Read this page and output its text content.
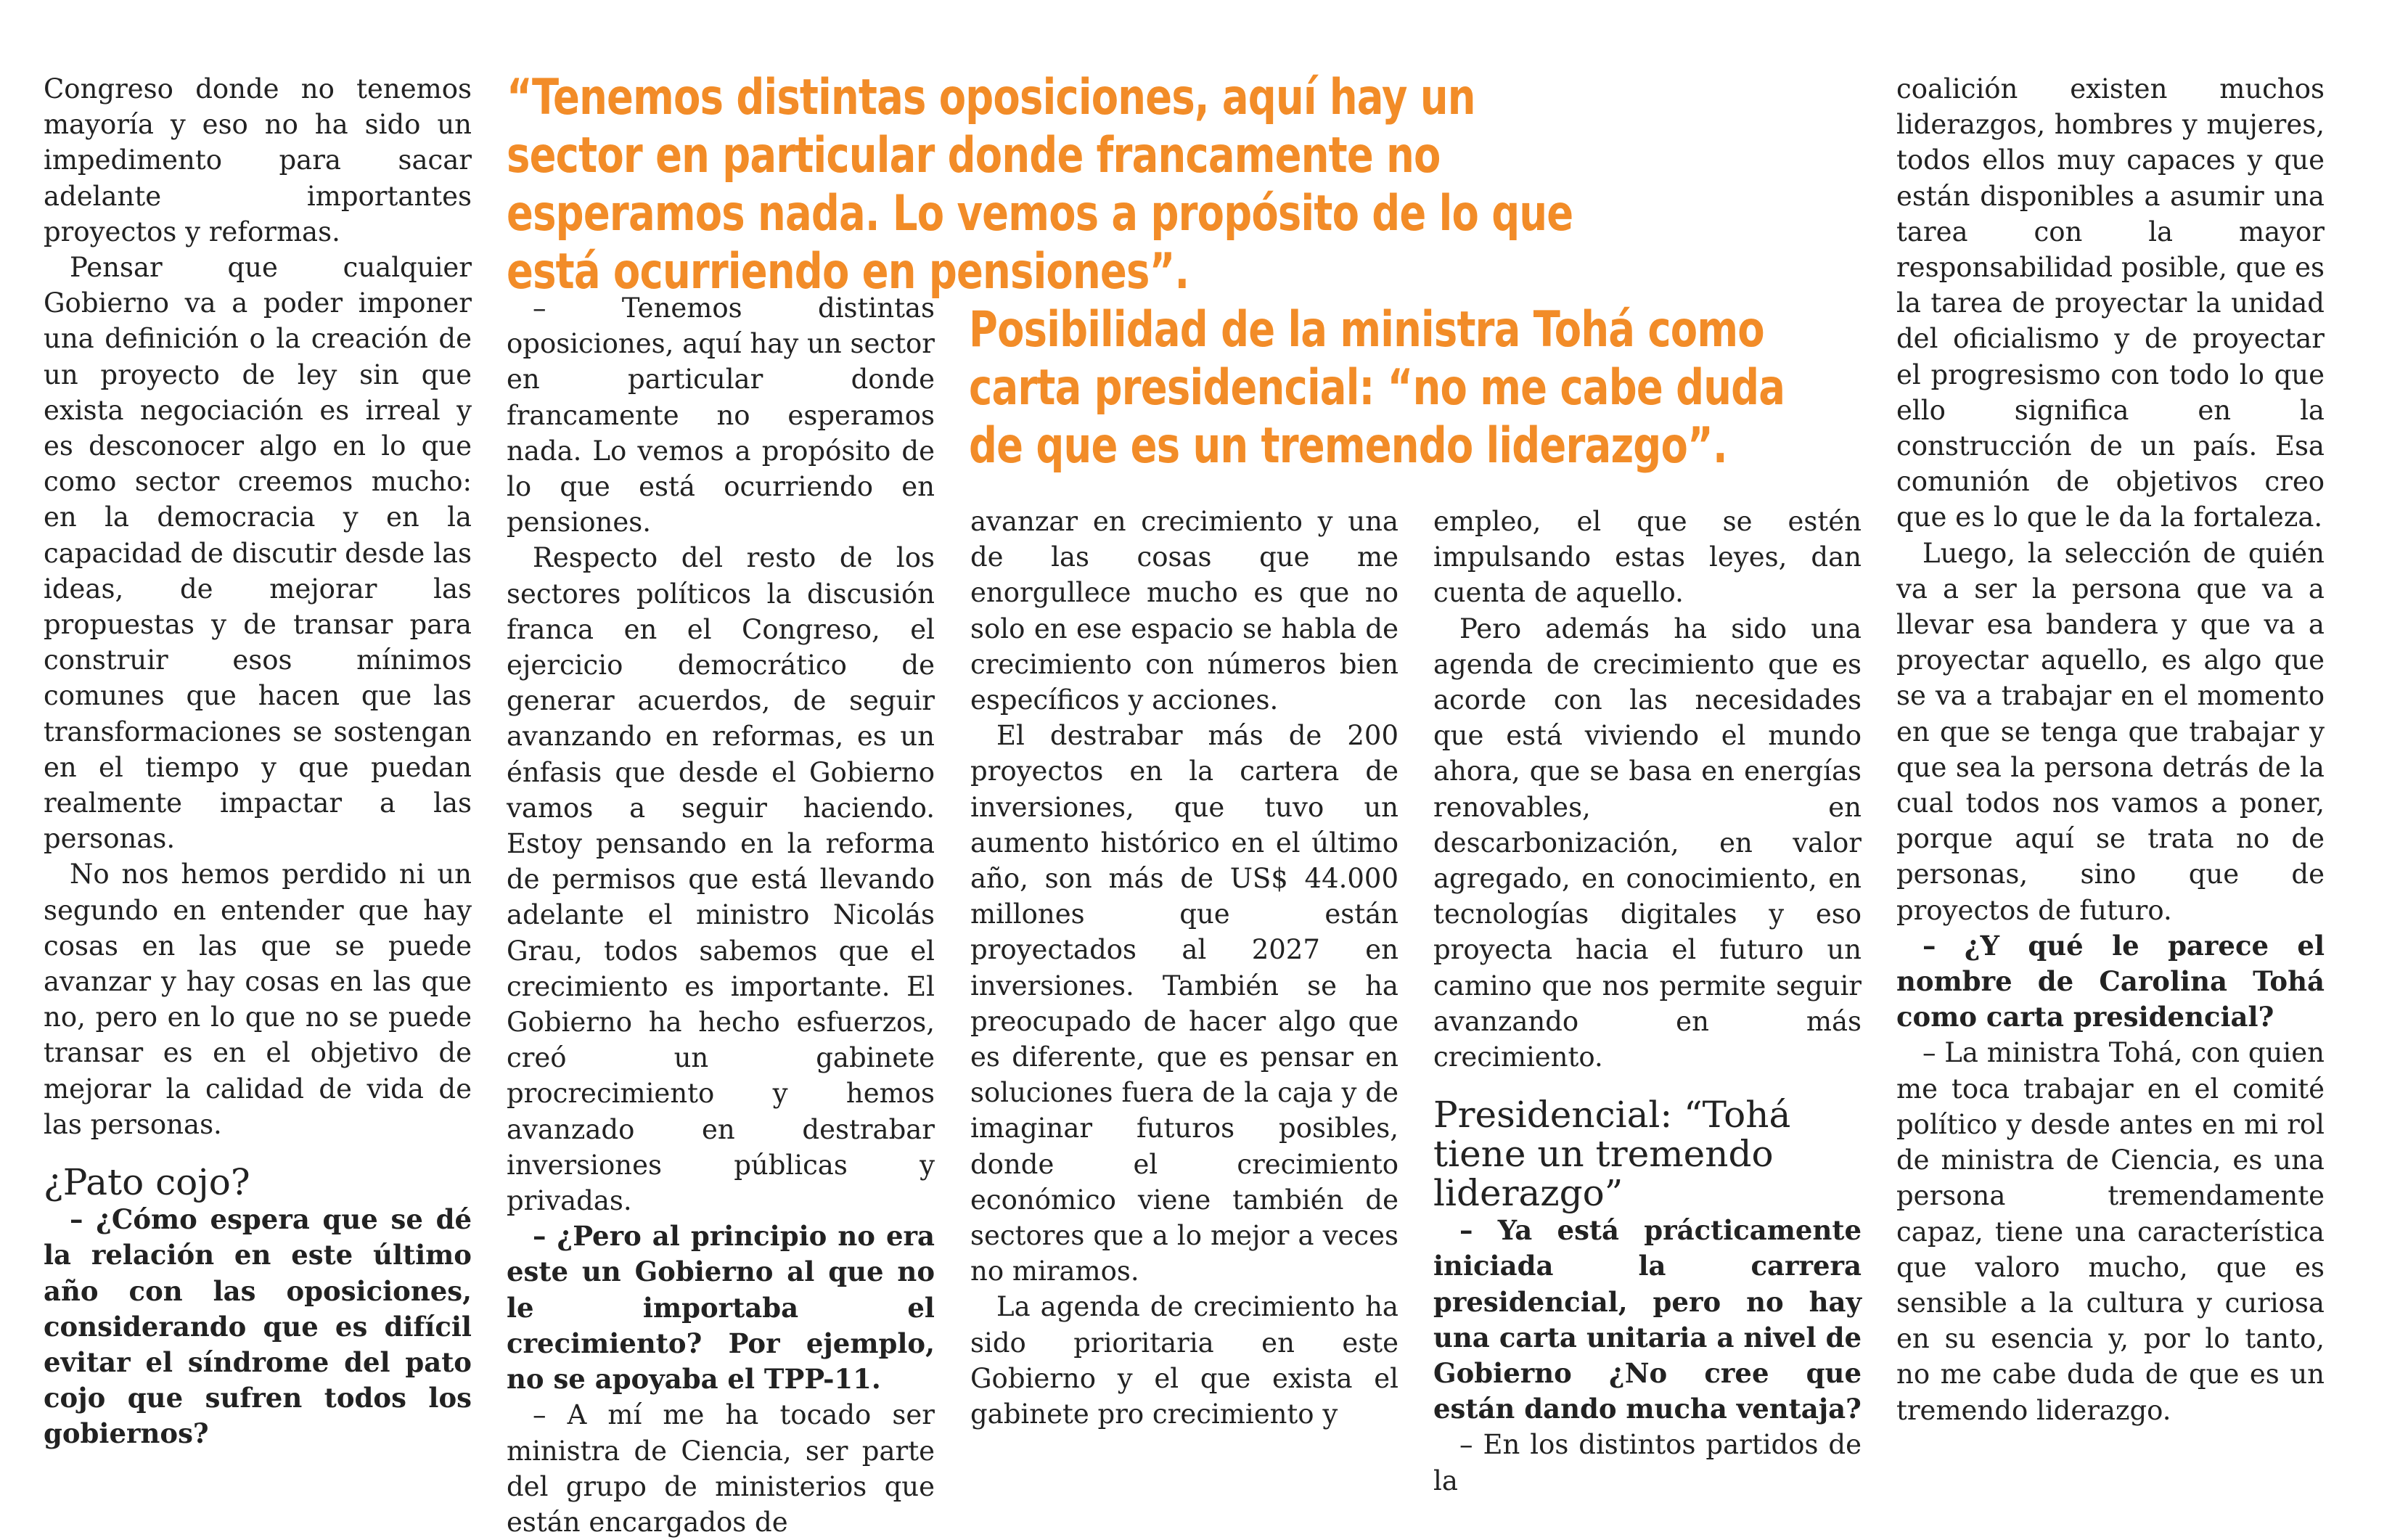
“Tenemos distintas oposiciones, aquí hay un sector en particular donde francamente no esperamos nada. Lo vemos a propósito de lo que está ocurriendo en pensiones”.
Posibilidad de la ministra Tohá como carta presidencial: “no me cabe duda de que es un tremendo liderazgo”.

Congreso donde no tenemos mayoría y eso no ha sido un impedimento para sacar adelante importantes proyectos y reformas.

Pensar que cualquier Gobierno va a poder imponer una definición o la creación de un proyecto de ley sin que exista negociación es irreal y es desconocer algo en lo que como sector creemos mucho: en la democracia y en la capacidad de discutir desde las ideas, de mejorar las propuestas y de transar para construir esos mínimos comunes que hacen que las transformaciones se sostengan en el tiempo y que puedan realmente impactar a las personas.

No nos hemos perdido ni un segundo en entender que hay cosas en las que se puede avanzar y hay cosas en las que no, pero en lo que no se puede transar es en el objetivo de mejorar la calidad de vida de las personas.

¿Pato cojo?

– ¿Cómo espera que se dé la relación en este último año con las oposiciones, considerando que es difícil evitar el síndrome del pato cojo que sufren todos los gobiernos?

– Tenemos distintas oposiciones, aquí hay un sector en particular donde francamente no esperamos nada. Lo vemos a propósito de lo que está ocurriendo en pensiones.

Respecto del resto de los sectores políticos la discusión franca en el Congreso, el ejercicio democrático de generar acuerdos, de seguir avanzando en reformas, es un énfasis que desde el Gobierno vamos a seguir haciendo. Estoy pensando en la reforma de permisos que está llevando adelante el ministro Nicolás Grau, todos sabemos que el crecimiento es importante. El Gobierno ha hecho esfuerzos, creó un gabinete procrecimiento y hemos avanzado en destrabar inversiones públicas y privadas.

– ¿Pero al principio no era este un Gobierno al que no le importaba el crecimiento? Por ejemplo, no se apoyaba el TPP-11.

– A mí me ha tocado ser ministra de Ciencia, ser parte del grupo de ministerios que están encargados de

avanzar en crecimiento y una de las cosas que me enorgullece mucho es que no solo en ese espacio se habla de crecimiento con números bien específicos y acciones.

El destrabar más de 200 proyectos en la cartera de inversiones, que tuvo un aumento histórico en el último año, son más de US$ 44.000 millones que están proyectados al 2027 en inversiones. También se ha preocupado de hacer algo que es diferente, que es pensar en soluciones fuera de la caja y de imaginar futuros posibles, donde el crecimiento económico viene también de sectores que a lo mejor a veces no miramos.

La agenda de crecimiento ha sido prioritaria en este Gobierno y el que exista el gabinete pro crecimiento y

empleo, el que se estén impulsando estas leyes, dan cuenta de aquello.

Pero además ha sido una agenda de crecimiento que es acorde con las necesidades que está viviendo el mundo ahora, que se basa en energías renovables, en descarbonización, en valor agregado, en conocimiento, en tecnologías digitales y eso proyecta hacia el futuro un camino que nos permite seguir avanzando en más crecimiento.

Presidencial: “Tohá tiene un tremendo liderazgo”

– Ya está prácticamente iniciada la carrera presidencial, pero no hay una carta unitaria a nivel de Gobierno ¿No cree que están dando mucha ventaja?

– En los distintos partidos de la

coalición existen muchos liderazgos, hombres y mujeres, todos ellos muy capaces y que están disponibles a asumir una tarea con la mayor responsabilidad posible, que es la tarea de proyectar la unidad del oficialismo y de proyectar el progresismo con todo lo que ello significa en la construcción de un país. Esa comunión de objetivos creo que es lo que le da la fortaleza.

Luego, la selección de quién va a ser la persona que va a llevar esa bandera y que va a proyectar aquello, es algo que se va a trabajar en el momento en que se tenga que trabajar y que sea la persona detrás de la cual todos nos vamos a poner, porque aquí se trata no de personas, sino que de proyectos de futuro.

– ¿Y qué le parece el nombre de Carolina Tohá como carta presidencial?

– La ministra Tohá, con quien me toca trabajar en el comité político y desde antes en mi rol de ministra de Ciencia, es una persona tremendamente capaz, tiene una característica que valoro mucho, que es sensible a la cultura y curiosa en su esencia y, por lo tanto, no me cabe duda de que es un tremendo liderazgo.
